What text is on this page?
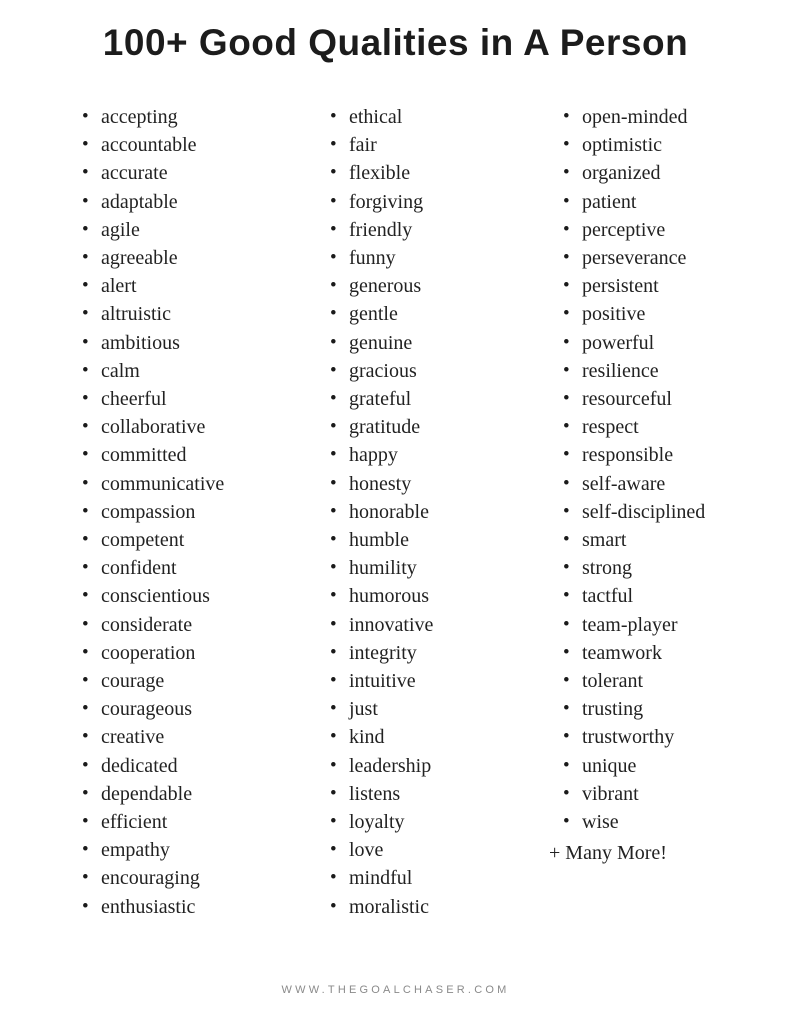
100+ Good Qualities in A Person
• accepting
• accountable
• accurate
• adaptable
• agile
• agreeable
• alert
• altruistic
• ambitious
• calm
• cheerful
• collaborative
• committed
• communicative
• compassion
• competent
• confident
• conscientious
• considerate
• cooperation
• courage
• courageous
• creative
• dedicated
• dependable
• efficient
• empathy
• encouraging
• enthusiastic
• ethical
• fair
• flexible
• forgiving
• friendly
• funny
• generous
• gentle
• genuine
• gracious
• grateful
• gratitude
• happy
• honesty
• honorable
• humble
• humility
• humorous
• innovative
• integrity
• intuitive
• just
• kind
• leadership
• listens
• loyalty
• love
• mindful
• moralistic
• open-minded
• optimistic
• organized
• patient
• perceptive
• perseverance
• persistent
• positive
• powerful
• resilience
• resourceful
• respect
• responsible
• self-aware
• self-disciplined
• smart
• strong
• tactful
• team-player
• teamwork
• tolerant
• trusting
• trustworthy
• unique
• vibrant
• wise
+ Many More!
WWW.THEGOALCHASER.COM
